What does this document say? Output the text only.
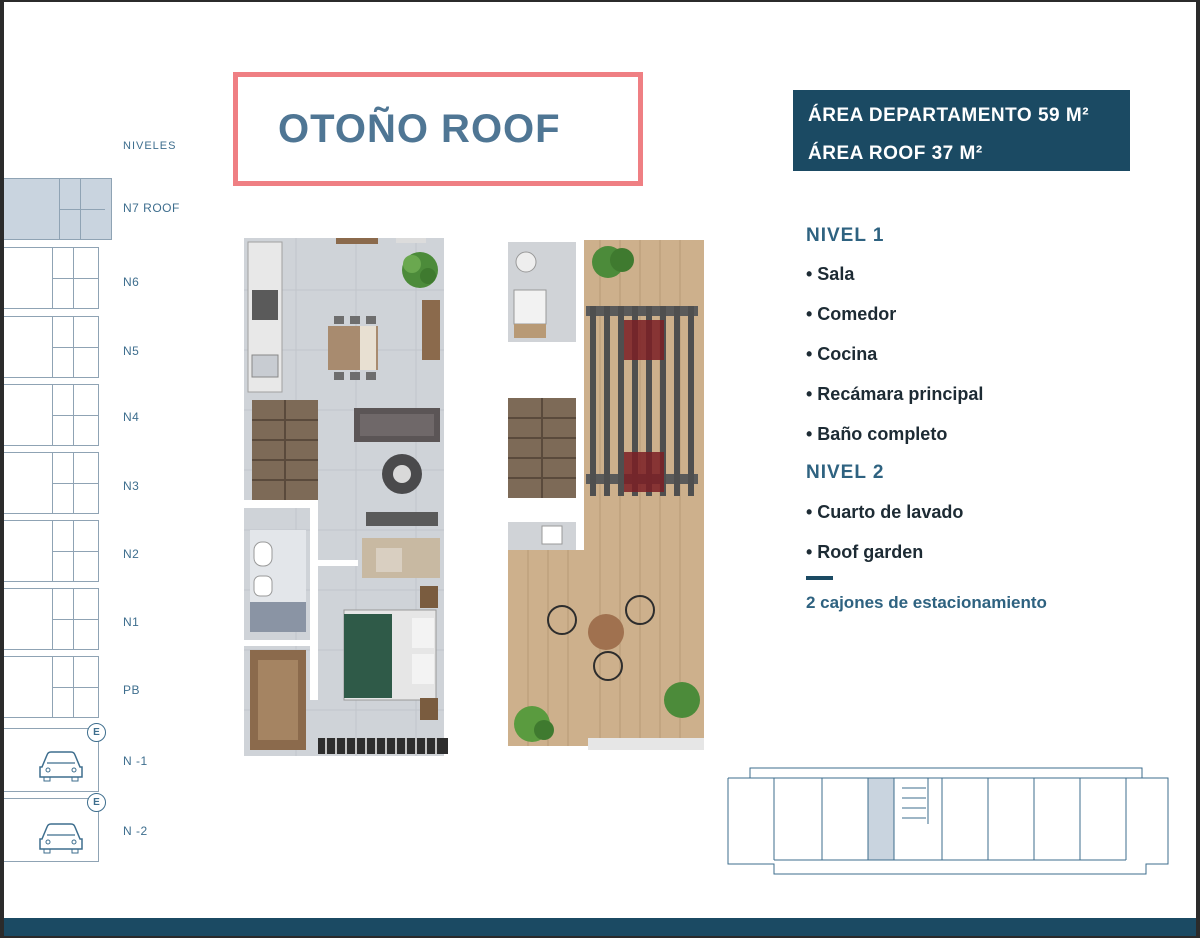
NIVELES
N7 ROOF
N6
N5
N4
N3
N2
N1
PB
E
N -1
E
N -2
OTOÑO ROOF	ÁREA DEPARTAMENTO 59 M²
ÁREA ROOF 37 M²
NIVEL 1
• Sala
• Comedor
• Cocina
• Recámara principal
• Baño completo
NIVEL 2
• Cuarto de lavado
• Roof garden
2 cajones de estacionamiento
